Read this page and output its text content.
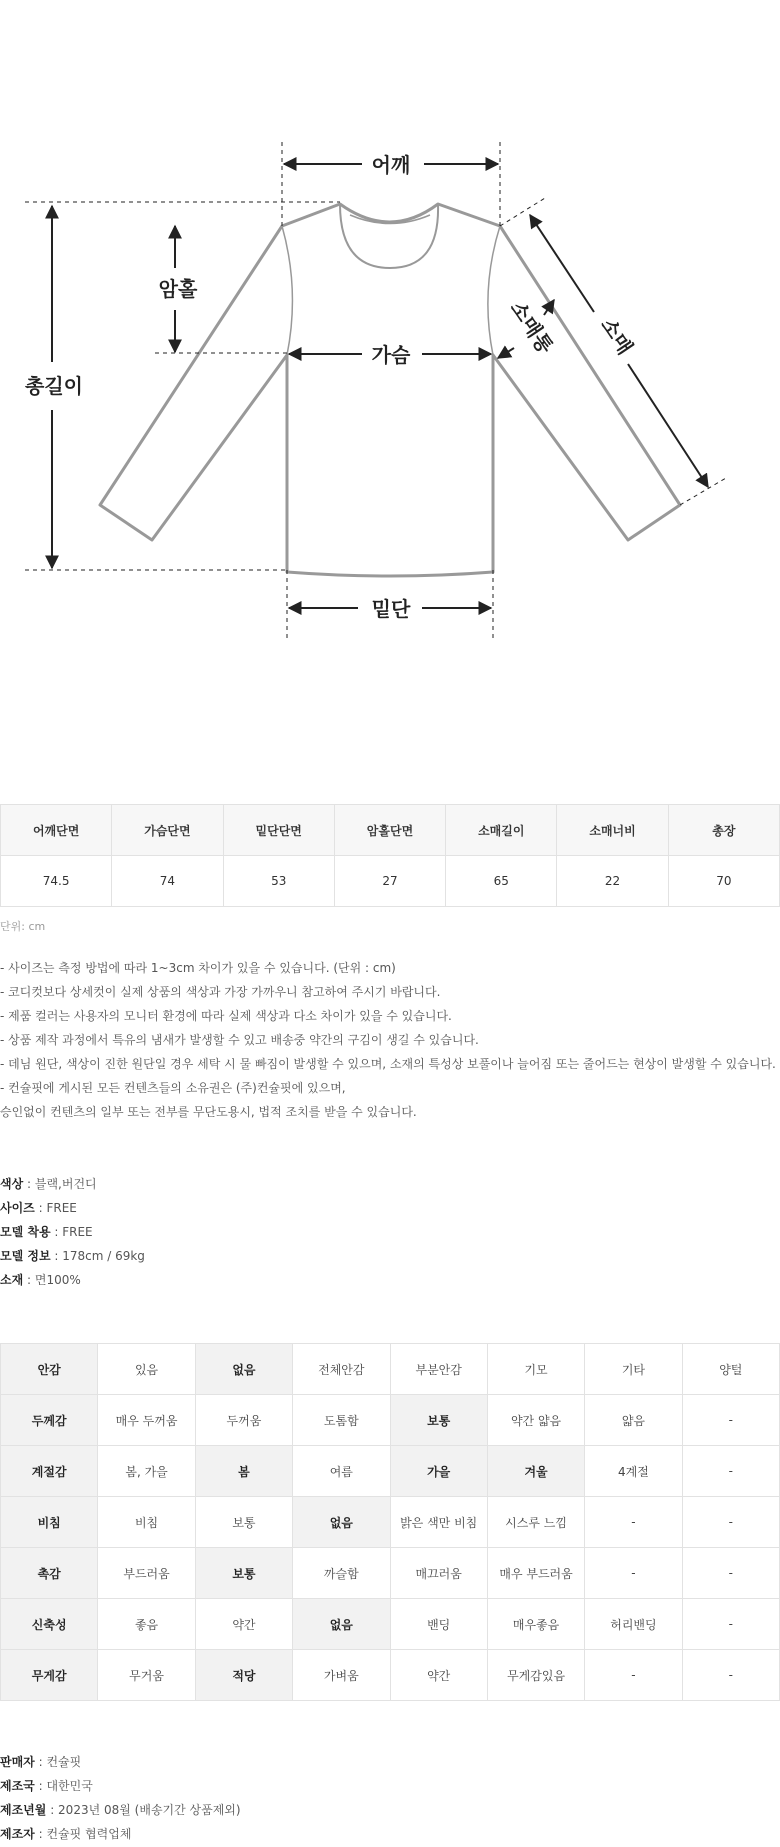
어깨
암홀
총길이
가슴
밑단
소매
소매통
어깨단면	가슴단면	밑단단면	암홀단면	소매길이	소매너비	총장
74.5	74	53	27	65	22	70
단위: cm
- 사이즈는 측정 방법에 따라 1~3cm 차이가 있을 수 있습니다. (단위 : cm)
- 코디컷보다 상세컷이 실제 상품의 색상과 가장 가까우니 참고하여 주시기 바랍니다.
- 제품 컬러는 사용자의 모니터 환경에 따라 실제 색상과 다소 차이가 있을 수 있습니다.
- 상품 제작 과정에서 특유의 냄새가 발생할 수 있고 배송중 약간의 구김이 생길 수 있습니다.
- 데님 원단, 색상이 진한 원단일 경우 세탁 시 물 빠짐이 발생할 수 있으며, 소재의 특성상 보풀이나 늘어짐 또는 줄어드는 현상이 발생할 수 있습니다.
- 컨슐핏에 게시된 모든 컨텐츠들의 소유권은 (주)컨슐핏에 있으며,
승인없이 컨텐츠의 일부 또는 전부를 무단도용시, 법적 조치를 받을 수 있습니다.
색상 : 블랙,버건디
사이즈 : FREE
모델 착용 : FREE
모델 정보 : 178cm / 69kg
소재 : 면100%
안감	있음	없음	전체안감	부분안감	기모	기타	양털
두께감	매우 두꺼움	두꺼움	도톰함	보통	약간 얇음	얇음	-
계절감	봄, 가을	봄	여름	가을	겨울	4계절	-
비침	비침	보통	없음	밝은 색만 비침	시스루 느낌	-	-
촉감	부드러움	보통	까슬함	매끄러움	매우 부드러움	-	-
신축성	좋음	약간	없음	밴딩	매우좋음	허리밴딩	-
무게감	무거움	적당	가벼움	약간	무게감있음	-	-
판매자 : 컨슐핏
제조국 : 대한민국
제조년월 : 2023년 08월 (배송기간 상품제외)
제조자 : 컨슐핏 협력업체
